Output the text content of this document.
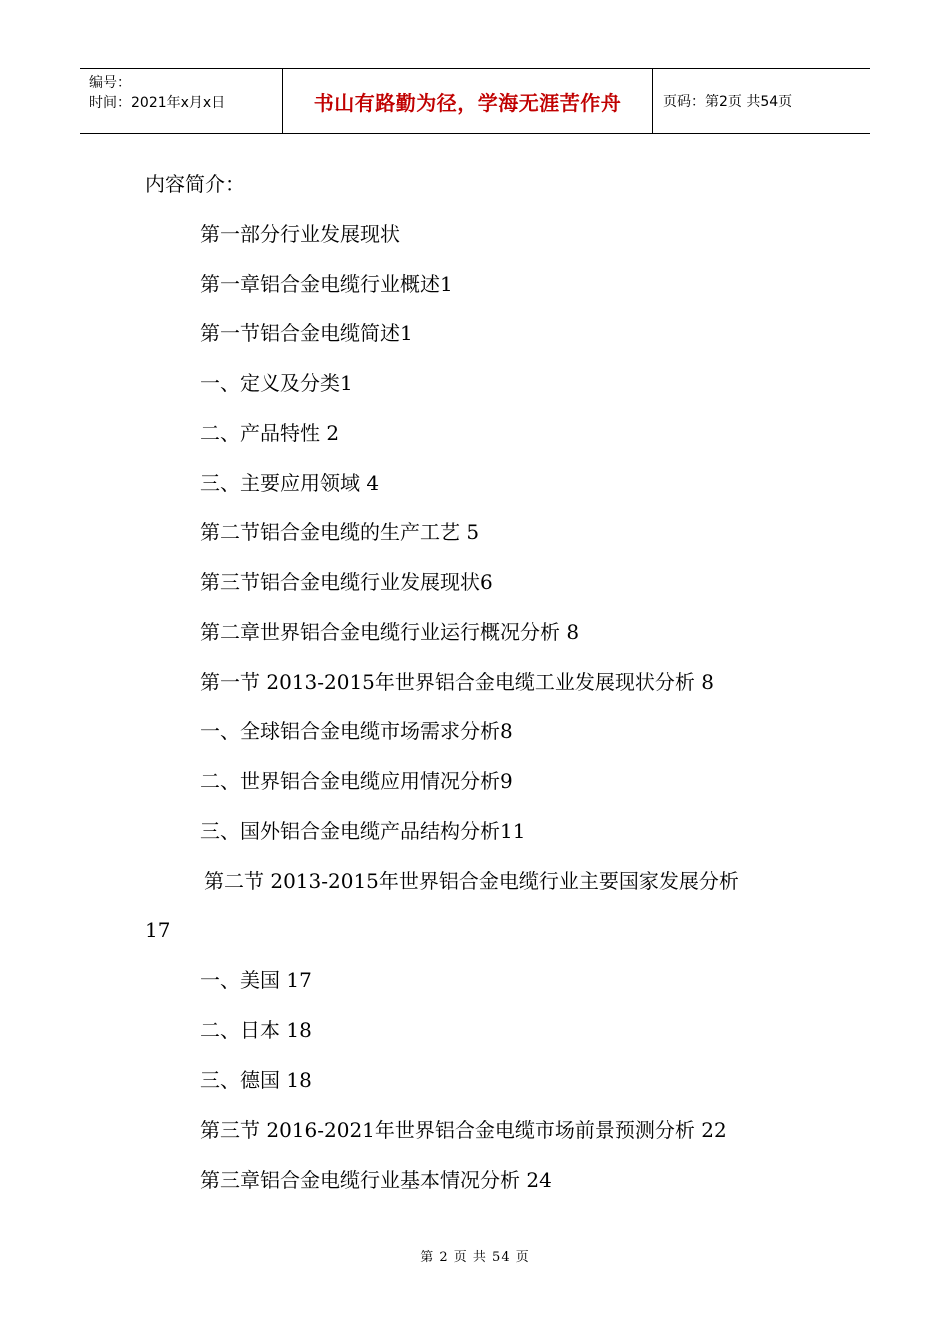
编号：
时间：2021年x月x日	书山有路勤为径，学海无涯苦作舟	页码：第2页 共54页
内容简介：
第一部分行业发展现状
第一章铝合金电缆行业概述1
第一节铝合金电缆简述1
一、定义及分类1
二、产品特性 2
三、主要应用领域 4
第二节铝合金电缆的生产工艺 5
第三节铝合金电缆行业发展现状6
第二章世界铝合金电缆行业运行概况分析 8
第一节 2013-2015年世界铝合金电缆工业发展现状分析 8
一、全球铝合金电缆市场需求分析8
二、世界铝合金电缆应用情况分析9
三、国外铝合金电缆产品结构分析11
第二节 2013-2015年世界铝合金电缆行业主要国家发展分析
17
一、美国 17
二、日本 18
三、德国 18
第三节 2016-2021年世界铝合金电缆市场前景预测分析 22
第三章铝合金电缆行业基本情况分析 24
第 2 页 共 54 页
